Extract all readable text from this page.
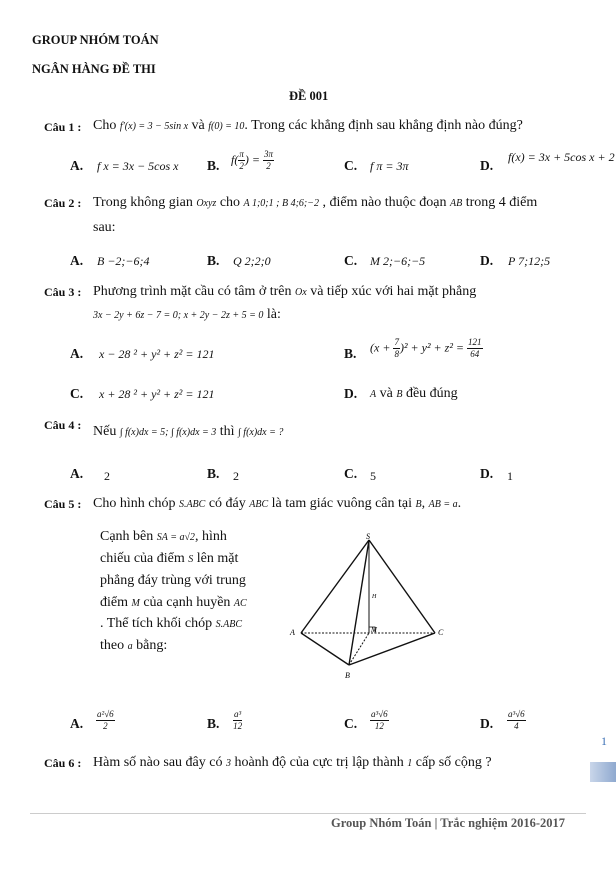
GROUP NHÓM TOÁN
NGÂN HÀNG ĐỀ THI
ĐỀ 001
Câu 1 : Cho f′(x) = 3 − 5sin x và f(0) = 10. Trong các khẳng định sau khẳng định nào đúng?
A. f x = 3x − 5cos x B. $f( \frac{\pi}{2}$ ) = $\frac{3\pi}{2}$	C. f π = 3π	D.
f(x) = 3x + 5cos x + 2
Câu 2 : Trong không gian Oxyz cho A 1;0;1 ; B 4;6;−2 , điểm nào thuộc đoạn AB trong 4 điểm
sau:
A. B −2;−6;4	B. Q 2;2;0	C. M 2;−6;−5	D. P 7;12;5
Câu 3 : Phương trình mặt cầu có tâm ở trên Ox và tiếp xúc với hai mặt phẳng
3x − 2y + 6z − 7 = 0; x + 2y − 2z + 5 = 0 là:
A. x − 28 ² + y² + z² = 121	B. $(x + \frac{7}{8} )^2 + y^2 + z^2 = \frac{121}{64}$
C. x + 28 ² + y² + z² = 121	D. A và B đều đúng
Câu 4 : Nếu ∫ f(x)dx = 5; ∫ f(x)dx = 3 thì ∫ f(x)dx = ?
A. 2	B. 2	C. 5	D. 1
Câu 5 : Cho hình chóp S.ABC có đáy ABC là tam giác vuông cân tại B, AB = a.
Cạnh bên SA = a√2, hình
chiếu của điểm S lên mặt
phẳng đáy trùng với trung
điểm M của cạnh huyền AC
. Thể tích khối chóp S.ABC
theo a bằng:
S
A	C
B
M
H
A. $\frac{\text{a²√6}}{2}$	B. $\frac{\text{a³}}{12}$	C. $\frac{\text{a³√6}}{12}$	D. $\frac{\text{a³√6}}{4}$
Câu 6 : Hàm số nào sau đây có 3 hoành độ của cực trị lập thành 1 cấp số cộng ?
1
Group Nhóm Toán | Trắc nghiệm 2016-2017
